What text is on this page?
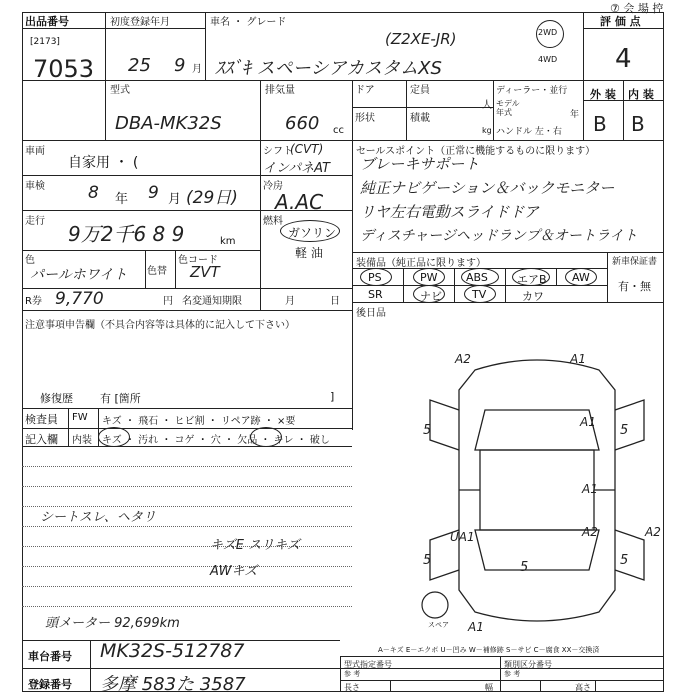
⑦ 会 場 控
出品番号
[2173]
7053
初度登録年月
25 9 月
車名 ・ グレード
(Z2XE-JR)
ｽｽﾞｷ スペーシアカスタムXS
2WD
4WD
評 価 点
4
型式
DBA-MK32S
排気量
660 cc
ドア	定員
人
形状	積載
kg
ディーラー・並行
モデル
年式	年
ハンドル 左・右
外 装 内 装
B B
車両
自家用 ・ (
シフト
(CVT)
インパネAT
車検	8 年 9 月 (29日)
冷房
A.AC
走行
9万2千6 8 9	km
燃料
ガソリン
軽 油
色
パールホワイト 色替
色コード
ZVT
R券 9,770	円 名変通知期限	月	日
セールスポイント（正常に機能するものに限ります）
ブレーキサポート
純正ナビゲーション＆バックモニター
リヤ左右電動スライドドア
ディスチャージヘッドランプ＆オートライト
装備品（純正品に限ります）	新車保証書
有・無
PS	PW	ABS	エアB AW
SR	ナビ	TV	カワ
後日品
注意事項申告欄（不具合内容等は具体的に記入して下さい）
修復歴 有 [箇所	]
検査員
記入欄
FW キズ ・ 飛石 ・ ヒビ割 ・ リペア跡 ・ ×要
内装 キズ ・ 汚れ ・ コゲ ・ 穴 ・ 欠品 ・ キレ ・ 破し
シートスレ、ヘタリ
キズE スリキズ
AWキズ
頭メーター 92,699km
A2	A1
A1
A1
A2
UA1
A1
A2
5	5
5	5
5
スペア
A－キズ E－エクボ U－凹み W－補修跡 S－サビ C－腐食 XX－交換済
車台番号 MK32S-512787
登録番号 多摩 583た 3587
型式指定番号
参 考
類別区分番号
参 考
長さ	幅	高さ
